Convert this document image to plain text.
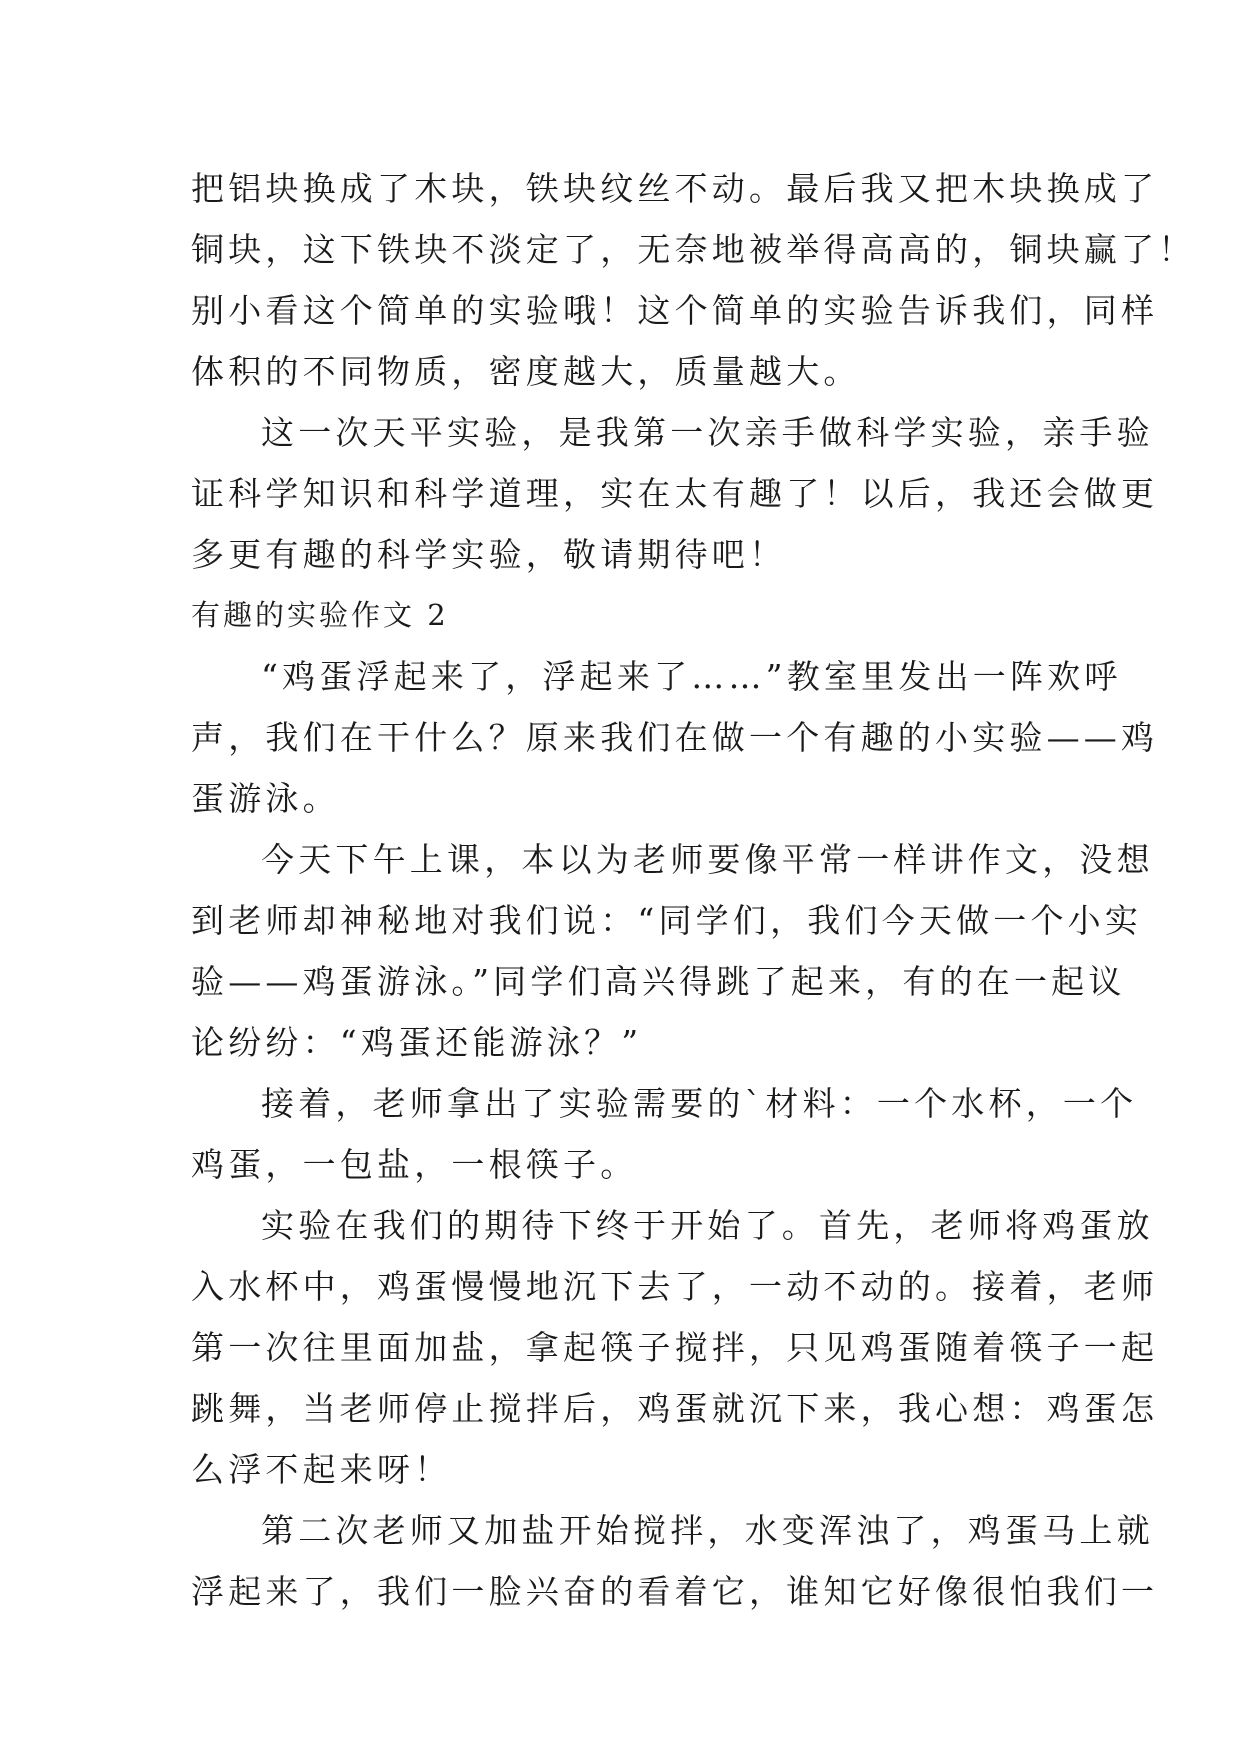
把铝块换成了木块，铁块纹丝不动。最后我又把木块换成了
铜块，这下铁块不淡定了，无奈地被举得高高的，铜块赢了！
别小看这个简单的实验哦！这个简单的实验告诉我们，同样
体积的不同物质，密度越大，质量越大。
这一次天平实验，是我第一次亲手做科学实验，亲手验
证科学知识和科学道理，实在太有趣了！以后，我还会做更
多更有趣的科学实验，敬请期待吧！
有趣的实验作文 2
“鸡蛋浮起来了，浮起来了……”教室里发出一阵欢呼
声，我们在干什么？原来我们在做一个有趣的小实验——鸡
蛋游泳。
今天下午上课，本以为老师要像平常一样讲作文，没想
到老师却神秘地对我们说：“同学们，我们今天做一个小实
验——鸡蛋游泳。”同学们高兴得跳了起来，有的在一起议
论纷纷：“鸡蛋还能游泳？”
接着，老师拿出了实验需要的`材料：一个水杯，一个
鸡蛋，一包盐，一根筷子。
实验在我们的期待下终于开始了。首先，老师将鸡蛋放
入水杯中，鸡蛋慢慢地沉下去了，一动不动的。接着，老师
第一次往里面加盐，拿起筷子搅拌，只见鸡蛋随着筷子一起
跳舞，当老师停止搅拌后，鸡蛋就沉下来，我心想：鸡蛋怎
么浮不起来呀！
第二次老师又加盐开始搅拌，水变浑浊了，鸡蛋马上就
浮起来了，我们一脸兴奋的看着它，谁知它好像很怕我们一
